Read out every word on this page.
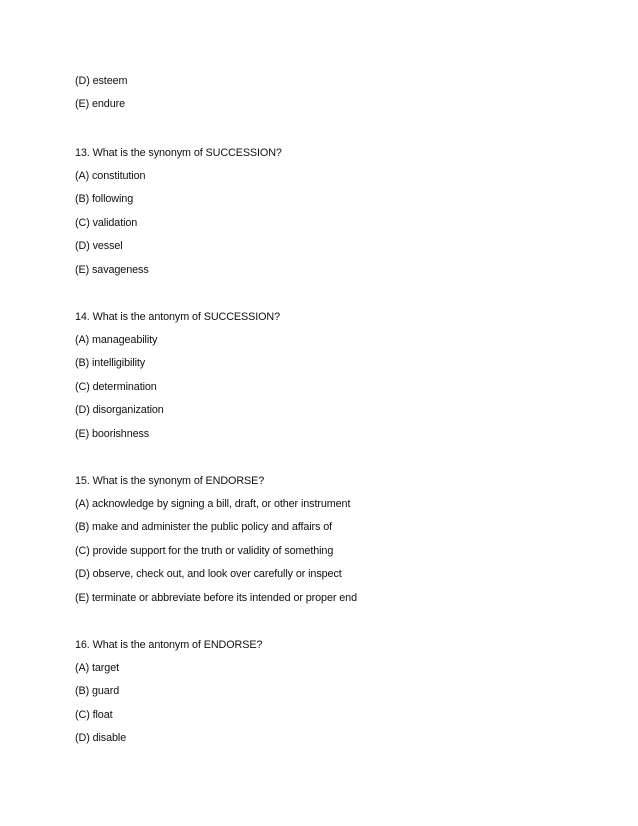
(D) esteem
(E) endure
13. What is the synonym of SUCCESSION?
(A) constitution
(B) following
(C) validation
(D) vessel
(E) savageness
14. What is the antonym of SUCCESSION?
(A) manageability
(B) intelligibility
(C) determination
(D) disorganization
(E) boorishness
15. What is the synonym of ENDORSE?
(A) acknowledge by signing a bill, draft, or other instrument
(B) make and administer the public policy and affairs of
(C) provide support for the truth or validity of something
(D) observe, check out, and look over carefully or inspect
(E) terminate or abbreviate before its intended or proper end
16. What is the antonym of ENDORSE?
(A) target
(B) guard
(C) float
(D) disable
